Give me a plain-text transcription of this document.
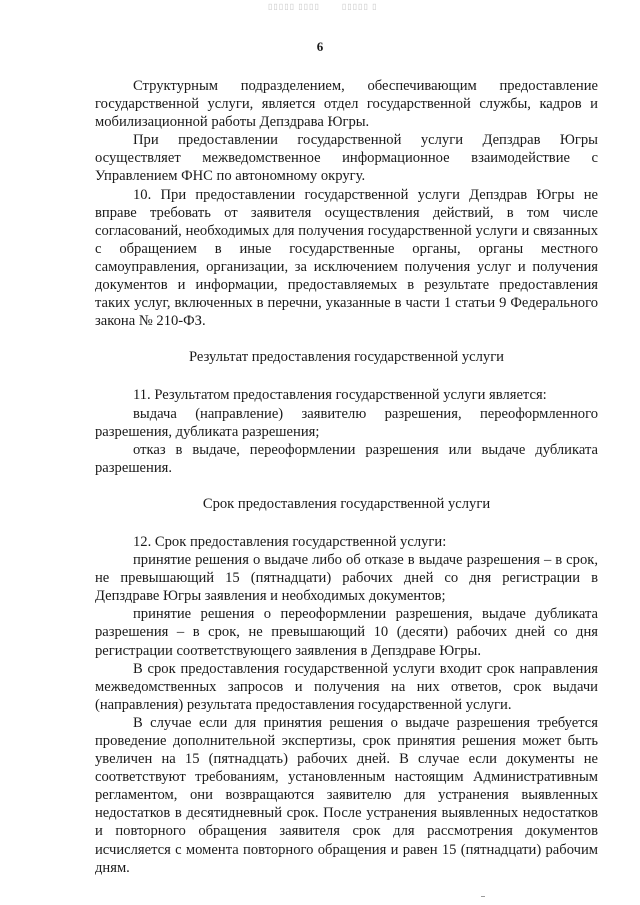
▯▯▯▯▯ ▯▯▯▯	▯▯▯▯▯ ▯
6

Структурным подразделением, обеспечивающим предоставление государственной услуги, является отдел государственной службы, кадров и мобилизационной работы Депздрава Югры.

При предоставлении государственной услуги Депздрав Югры осуществляет межведомственное информационное взаимодействие с Управлением ФНС по автономному округу.

10. При предоставлении государственной услуги Депздрав Югры не вправе требовать от заявителя осуществления действий, в том числе согласований, необходимых для получения государственной услуги и связанных с обращением в иные государственные органы, органы местного самоуправления, организации, за исключением получения услуг и получения документов и информации, предоставляемых в результате предоставления таких услуг, включенных в перечни, указанные в части 1 статьи 9 Федерального закона № 210-ФЗ.

Результат предоставления государственной услуги

11. Результатом предоставления государственной услуги является:

выдача (направление) заявителю разрешения, переоформленного разрешения, дубликата разрешения;

отказ в выдаче, переоформлении разрешения или выдаче дубликата разрешения.

Срок предоставления государственной услуги

12. Срок предоставления государственной услуги:

принятие решения о выдаче либо об отказе в выдаче разрешения – в срок, не превышающий 15 (пятнадцати) рабочих дней со дня регистрации в Депздраве Югры заявления и необходимых документов;

принятие решения о переоформлении разрешения, выдаче дубликата разрешения – в срок, не превышающий 10 (десяти) рабочих дней со дня регистрации соответствующего заявления в Депздраве Югры.

В срок предоставления государственной услуги входит срок направления межведомственных запросов и получения на них ответов, срок выдачи (направления) результата предоставления государственной услуги.

В случае если для принятия решения о выдаче разрешения требуется проведение дополнительной экспертизы, срок принятия решения может быть увеличен на 15 (пятнадцать) рабочих дней. В случае если документы не соответствуют требованиям, установленным настоящим Административным регламентом, они возвращаются заявителю для устранения выявленных недостатков в десятидневный срок. После устранения выявленных недостатков и повторного обращения заявителя срок для рассмотрения документов исчисляется с момента повторного обращения и равен 15 (пятнадцати) рабочим дням.
